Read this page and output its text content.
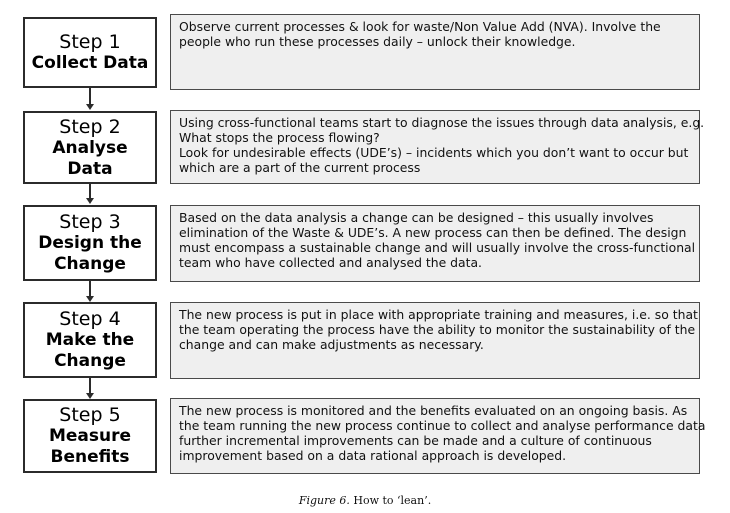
Step 1
Collect Data
Observe current processes & look for waste/Non Value Add (NVA). Involve the
people who run these processes daily – unlock their knowledge.
Step 2
Analyse
Data
Using cross-functional teams start to diagnose the issues through data analysis, e.g.
What stops the process flowing?
Look for undesirable effects (UDE’s) – incidents which you don’t want to occur but
which are a part of the current process
Step 3
Design the
Change
Based on the data analysis a change can be designed – this usually involves
elimination of the Waste & UDE’s. A new process can then be defined. The design
must encompass a sustainable change and will usually involve the cross-functional
team who have collected and analysed the data.
Step 4
Make the
Change
The new process is put in place with appropriate training and measures, i.e. so that
the team operating the process have the ability to monitor the sustainability of the
change and can make adjustments as necessary.
Step 5
Measure
Benefits
The new process is monitored and the benefits evaluated on an ongoing basis. As
the team running the new process continue to collect and analyse performance data
further incremental improvements can be made and a culture of continuous
improvement based on a data rational approach is developed.
Figure 6. How to ‘lean’.
